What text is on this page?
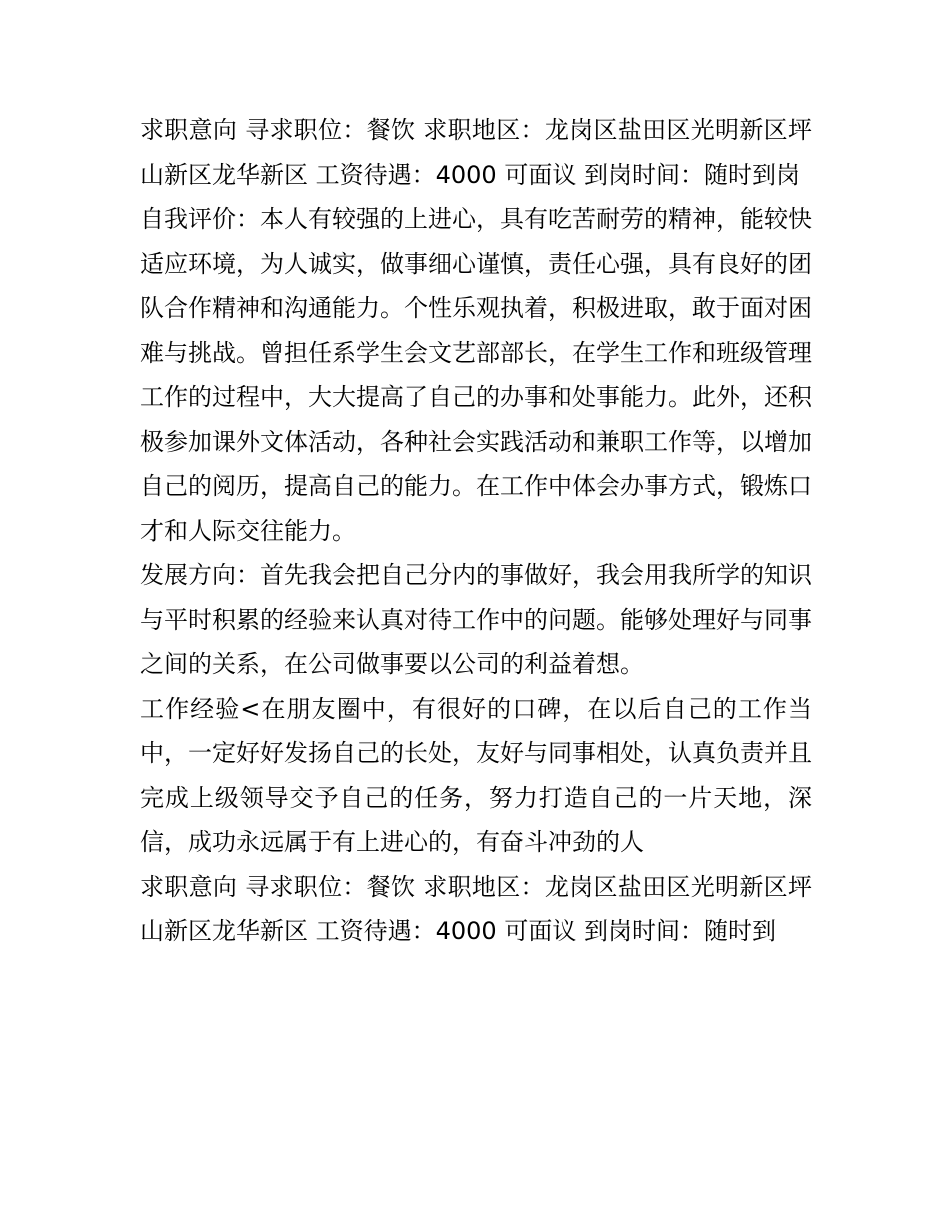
求职意向 寻求职位：餐饮 求职地区：龙岗区盐田区光明新区坪山新区龙华新区 工资待遇：4000 可面议 到岗时间：随时到岗

自我评价：本人有较强的上进心，具有吃苦耐劳的精神，能较快适应环境，为人诚实，做事细心谨慎，责任心强，具有良好的团队合作精神和沟通能力。个性乐观执着，积极进取，敢于面对困难与挑战。曾担任系学生会文艺部部长，在学生工作和班级管理工作的过程中，大大提高了自己的办事和处事能力。此外，还积极参加课外文体活动，各种社会实践活动和兼职工作等，以增加自己的阅历，提高自己的能力。在工作中体会办事方式，锻炼口才和人际交往能力。

发展方向：首先我会把自己分内的事做好，我会用我所学的知识与平时积累的经验来认真对待工作中的问题。能够处理好与同事之间的关系，在公司做事要以公司的利益着想。

工作经验<在朋友圈中，有很好的口碑，在以后自己的工作当中，一定好好发扬自己的长处，友好与同事相处，认真负责并且完成上级领导交予自己的任务，努力打造自己的一片天地，深信，成功永远属于有上进心的，有奋斗冲劲的人

求职意向 寻求职位：餐饮 求职地区：龙岗区盐田区光明新区坪山新区龙华新区 工资待遇：4000 可面议 到岗时间：随时到
